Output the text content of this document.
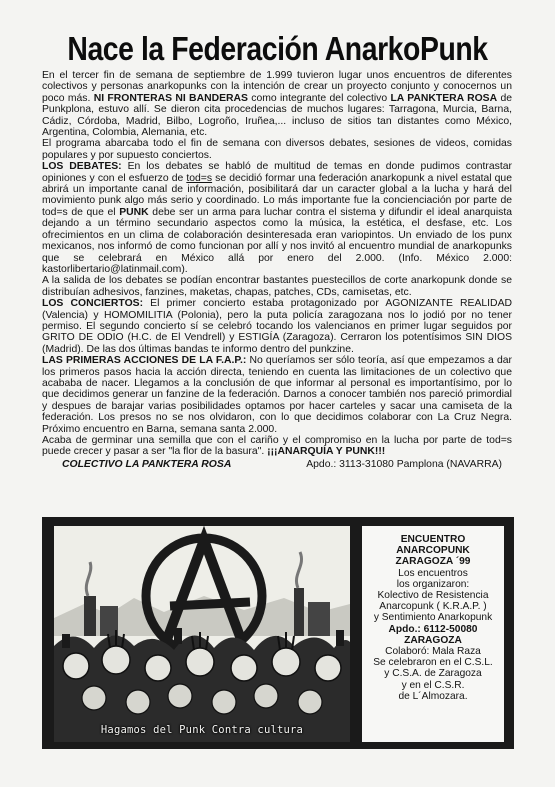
Nace la Federación AnarkoPunk

En el tercer fin de semana de septiembre de 1.999 tuvieron lugar unos encuentros de diferentes colectivos y personas anarkopunks con la intención de crear un proyecto conjunto y conocernos un poco más. NI FRONTERAS NI BANDERAS como integrante del colectivo LA PANKTERA ROSA de Punkplona, estuvo allí. Se dieron cita procedencias de muchos lugares: Tarragona, Murcia, Barna, Cádiz, Córdoba, Madrid, Bilbo, Logroño, Iruñea,... incluso de sitios tan distantes como México, Argentina, Colombia, Alemania, etc.

El programa abarcaba todo el fin de semana con diversos debates, sesiones de videos, comidas populares y por supuesto conciertos.

LOS DEBATES: En los debates se habló de multitud de temas en donde pudimos contrastar opiniones y con el esfuerzo de tod=s se decidió formar una federación anarkopunk a nivel estatal que abrirá un importante canal de información, posibilitará dar un caracter global a la lucha y hará del movimiento punk algo más serio y coordinado. Lo más importante fue la concienciación por parte de tod=s de que el PUNK debe ser un arma para luchar contra el sistema y difundir el ideal anarquista dejando a un término secundario aspectos como la música, la estética, el desfase, etc. Los ofrecimientos en un clima de colaboración desinteresada eran variopintos. Un enviado de los punx mexicanos, nos informó de como funcionan por allí y nos invitó al encuentro mundial de anarkopunks que se celebrará en México allá por enero del 2.000. (Info. México 2.000: kastorlibertario@latinmail.com).

A la salida de los debates se podían encontrar bastantes puestecillos de corte anarkopunk donde se distribuían adhesivos, fanzines, maketas, chapas, patches, CDs, camisetas, etc.

LOS CONCIERTOS: El primer concierto estaba protagonizado por AGONIZANTE REALIDAD (Valencia) y HOMOMILITIA (Polonia), pero la puta policía zaragozana nos lo jodió por no tener permiso. El segundo concierto sí se celebró tocando los valencianos en primer lugar seguidos por GRITO DE ODIO (H.C. de El Vendrell) y ESTIGÍA (Zaragoza). Cerraron los potentísimos SIN DIOS (Madrid). De las dos últimas bandas te informo dentro del punkzine.

LAS PRIMERAS ACCIONES DE LA F.A.P.: No queríamos ser sólo teoría, así que empezamos a dar los primeros pasos hacia la acción directa, teniendo en cuenta las limitaciones de un colectivo que acababa de nacer. Llegamos a la conclusión de que informar al personal es importantísimo, por lo que decidimos generar un fanzine de la federación. Darnos a conocer también nos pareció primordial y despues de barajar varias posibilidades optamos por hacer carteles y sacar una camiseta de la federación. Los presos no se nos olvidaron, con lo que decidimos colaborar con La Cruz Negra. Próximo encuentro en Barna, semana santa 2.000.

Acaba de germinar una semilla que con el cariño y el compromiso en la lucha por parte de tod=s puede crecer y pasar a ser "la flor de la basura". ¡¡¡ANARQUÍA Y PUNK!!!

COLECTIVO LA PANKTERA ROSA	Apdo.: 3113-31080 Pamplona (NAVARRA)
Hagamos del Punk Contra cultura
ENCUENTRO
ANARCOPUNK
ZARAGOZA ´99
Los encuentros
los organizaron:
Kolectivo de Resistencia
Anarcopunk ( K.R.A.P. )
y Sentimiento Anarkopunk
Apdo.: 6112-50080
ZARAGOZA
Colaboró: Mala Raza
Se celebraron en el C.S.L.
y C.S.A. de Zaragoza
y en el C.S.R.
de L´Almozara.
